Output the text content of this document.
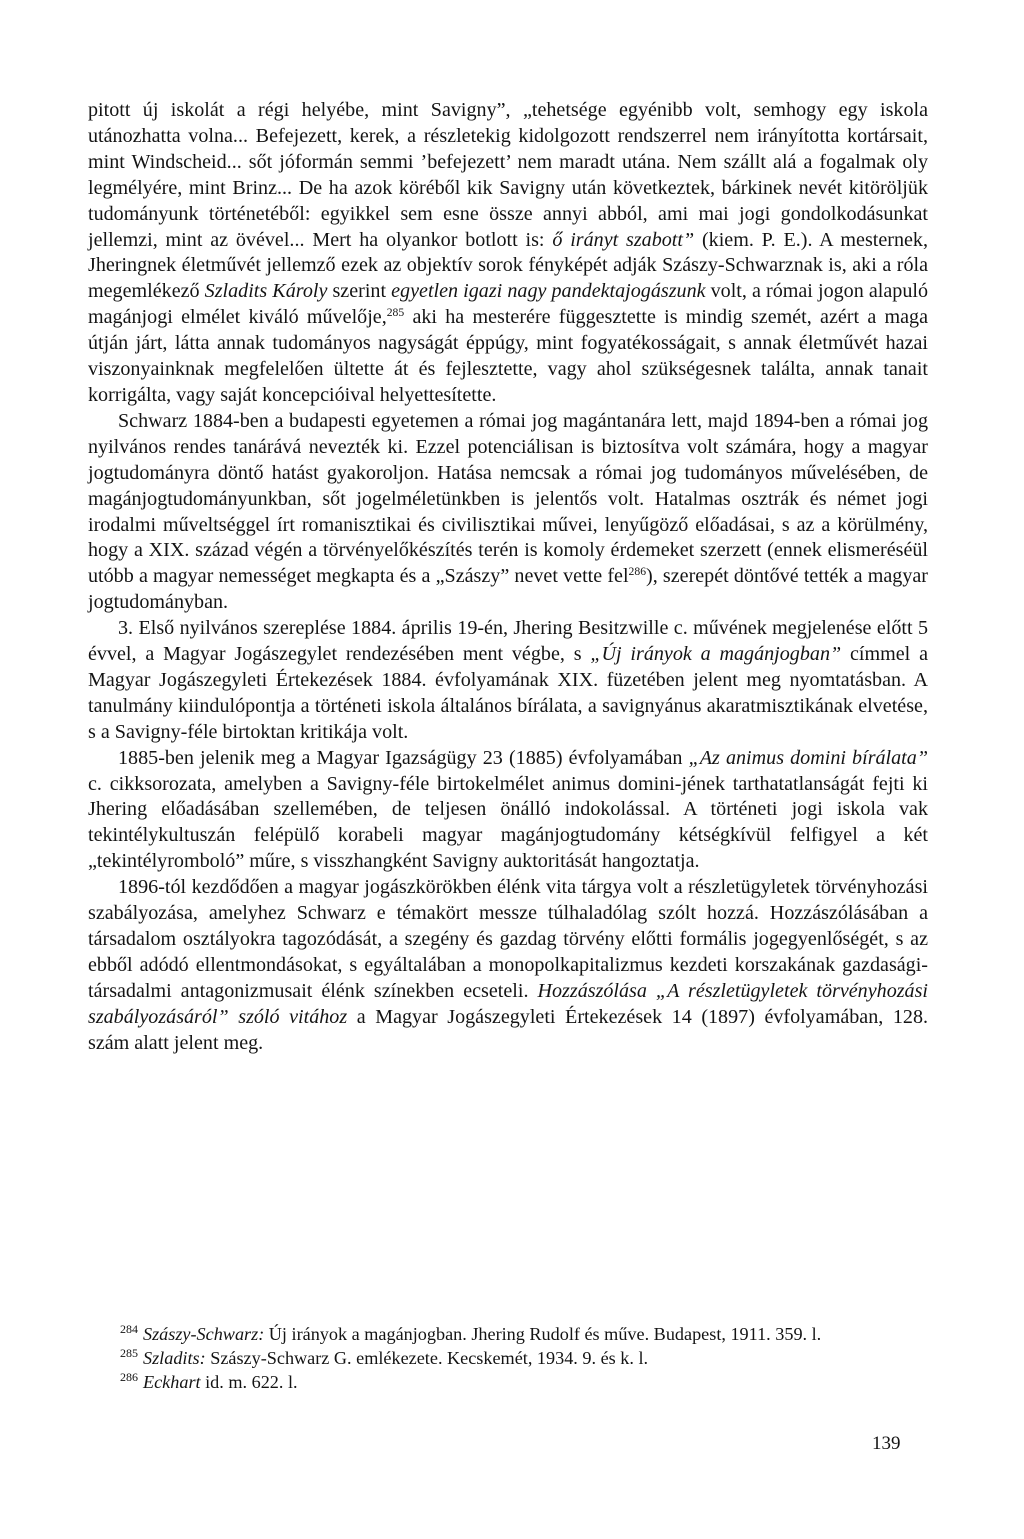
pitott új iskolát a régi helyébe, mint Savigny”, „tehetsége egyénibb volt, semhogy egy iskola utánozhatta volna... Befejezett, kerek, a részletekig kidolgozott rendszerrel nem irányította kortársait, mint Windscheid... sőt jóformán semmi ’befejezett’ nem maradt utána. Nem szállt alá a fogalmak oly legmélyére, mint Brinz... De ha azok köréből kik Savigny után következtek, bárkinek nevét kitöröljük tudományunk történetéből: egyikkel sem esne össze annyi abból, ami mai jogi gondolkodásunkat jellemzi, mint az övével... Mert ha olyankor botlott is: ő irányt szabott” (kiem. P. E.). A mesternek, Jheringnek életművét jellemző ezek az objektív sorok fényképét adják Szászy-Schwarznak is, aki a róla megemlékező Szladits Károly szerint egyetlen igazi nagy pandektajogászunk volt, a római jogon alapuló magánjogi elmélet kiváló művelője,$^{285}$ aki ha mesterére függesztette is mindig szemét, azért a maga útján járt, látta annak tudományos nagyságát éppúgy, mint fogyatékosságait, s annak életművét hazai viszonyainknak megfelelően ültette át és fejlesztette, vagy ahol szükségesnek találta, annak tanait korrigálta, vagy saját koncepcióival helyettesítette.

Schwarz 1884-ben a budapesti egyetemen a római jog magántanára lett, majd 1894-ben a római jog nyilvános rendes tanárává nevezték ki. Ezzel potenciálisan is biztosítva volt számára, hogy a magyar jogtudományra döntő hatást gyakoroljon. Hatása nemcsak a római jog tudományos művelésében, de magánjogtudományunkban, sőt jogelméletünkben is jelentős volt. Hatalmas osztrák és német jogi irodalmi műveltséggel írt romanisztikai és civilisztikai művei, lenyűgöző előadásai, s az a körülmény, hogy a XIX. század végén a törvényelőkészítés terén is komoly érdemeket szerzett (ennek elismeréséül utóbb a magyar nemességet megkapta és a „Szászy” nevet vette fel$^{286}$), szerepét döntővé tették a magyar jogtudományban.

3. Első nyilvános szereplése 1884. április 19-én, Jhering Besitzwille c. művének megjelenése előtt 5 évvel, a Magyar Jogászegylet rendezésében ment végbe, s „Új irányok a magánjogban” címmel a Magyar Jogászegyleti Értekezések 1884. évfolyamának XIX. füzetében jelent meg nyomtatásban. A tanulmány kiindulópontja a történeti iskola általános bírálata, a savignyánus akaratmisztikának elvetése, s a Savigny-féle birtoktan kritikája volt.

1885-ben jelenik meg a Magyar Igazságügy 23 (1885) évfolyamában „Az animus domini bírálata” c. cikksorozata, amelyben a Savigny-féle birtokelmélet animus domini-jének tarthatatlanságát fejti ki Jhering előadásában szellemében, de teljesen önálló indokolással. A történeti jogi iskola vak tekintélykultuszán felépülő korabeli magyar magánjogtudomány kétségkívül felfigyel a két „tekintélyromboló” műre, s visszhangként Savigny auktoritását hangoztatja.

1896-tól kezdődően a magyar jogászkörökben élénk vita tárgya volt a részletügyletek törvényhozási szabályozása, amelyhez Schwarz e témakört messze túlhaladólag szólt hozzá. Hozzászólásában a társadalom osztályokra tagozódását, a szegény és gazdag törvény előtti formális jogegyenlőségét, s az ebből adódó ellentmondásokat, s egyáltalában a monopolkapitalizmus kezdeti korszakának gazdasági-társadalmi antagonizmusait élénk színekben ecseteli. Hozzászólása „A részletügyletek törvényhozási szabályozásáról” szóló vitához a Magyar Jogászegyleti Értekezések 14 (1897) évfolyamában, 128. szám alatt jelent meg.

$^{284}$ Szászy-Schwarz: Új irányok a magánjogban. Jhering Rudolf és műve. Budapest, 1911. 359. l.

$^{285}$ Szladits: Szászy-Schwarz G. emlékezete. Kecskemét, 1934. 9. és k. l.

$^{286}$ Eckhart id. m. 622. l.

139
